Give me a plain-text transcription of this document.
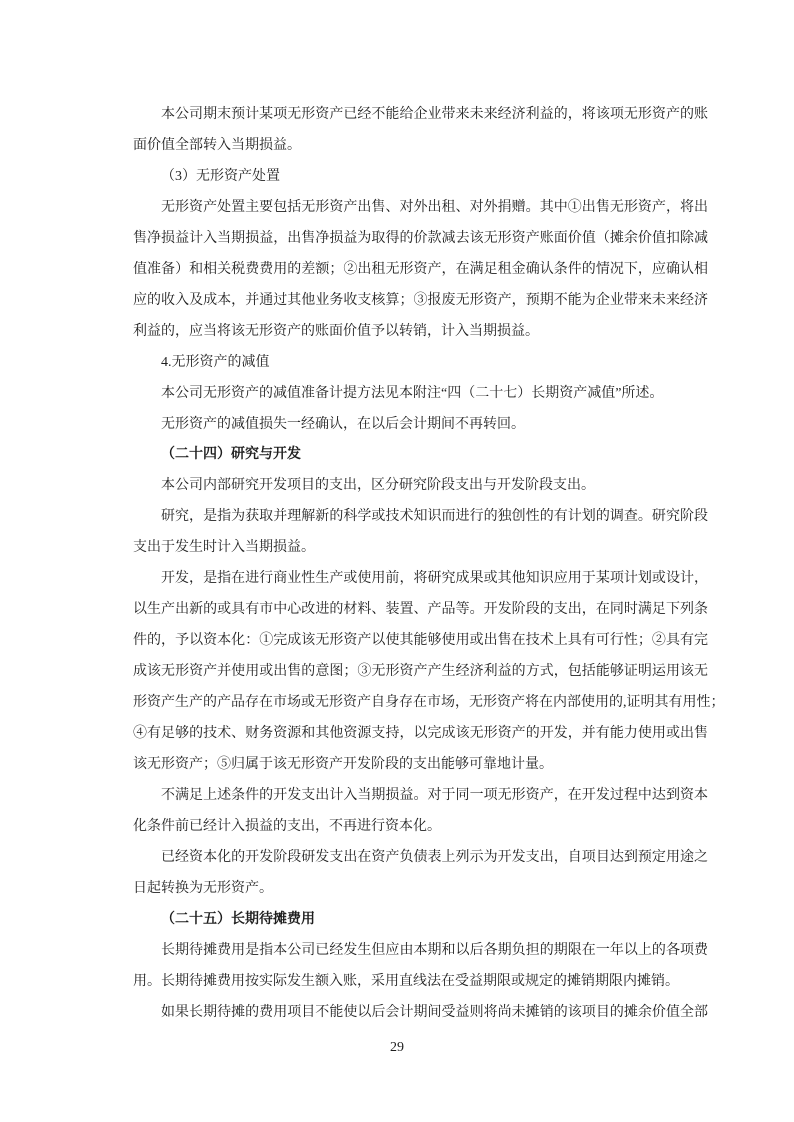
本公司期末预计某项无形资产已经不能给企业带来未来经济利益的，将该项无形资产的账
面价值全部转入当期损益。
（3）无形资产处置
无形资产处置主要包括无形资产出售、对外出租、对外捐赠。其中①出售无形资产，将出
售净损益计入当期损益，出售净损益为取得的价款减去该无形资产账面价值（摊余价值扣除减
值准备）和相关税费费用的差额；②出租无形资产，在满足租金确认条件的情况下，应确认相
应的收入及成本，并通过其他业务收支核算；③报废无形资产，预期不能为企业带来未来经济
利益的，应当将该无形资产的账面价值予以转销，计入当期损益。
4.无形资产的减值
本公司无形资产的减值准备计提方法见本附注“四（二十七）长期资产减值”所述。
无形资产的减值损失一经确认，在以后会计期间不再转回。
（二十四）研究与开发
本公司内部研究开发项目的支出，区分研究阶段支出与开发阶段支出。
研究，是指为获取并理解新的科学或技术知识而进行的独创性的有计划的调查。研究阶段
支出于发生时计入当期损益。
开发，是指在进行商业性生产或使用前，将研究成果或其他知识应用于某项计划或设计，
以生产出新的或具有市中心改进的材料、装置、产品等。开发阶段的支出，在同时满足下列条
件的，予以资本化：①完成该无形资产以使其能够使用或出售在技术上具有可行性；②具有完
成该无形资产并使用或出售的意图；③无形资产产生经济利益的方式，包括能够证明运用该无
形资产生产的产品存在市场或无形资产自身存在市场，无形资产将在内部使用的,证明其有用性；
④有足够的技术、财务资源和其他资源支持，以完成该无形资产的开发，并有能力使用或出售
该无形资产；⑤归属于该无形资产开发阶段的支出能够可靠地计量。
不满足上述条件的开发支出计入当期损益。对于同一项无形资产，在开发过程中达到资本
化条件前已经计入损益的支出，不再进行资本化。
已经资本化的开发阶段研发支出在资产负债表上列示为开发支出，自项目达到预定用途之
日起转换为无形资产。
（二十五）长期待摊费用
长期待摊费用是指本公司已经发生但应由本期和以后各期负担的期限在一年以上的各项费
用。长期待摊费用按实际发生额入账，采用直线法在受益期限或规定的摊销期限内摊销。
如果长期待摊的费用项目不能使以后会计期间受益则将尚未摊销的该项目的摊余价值全部
29
